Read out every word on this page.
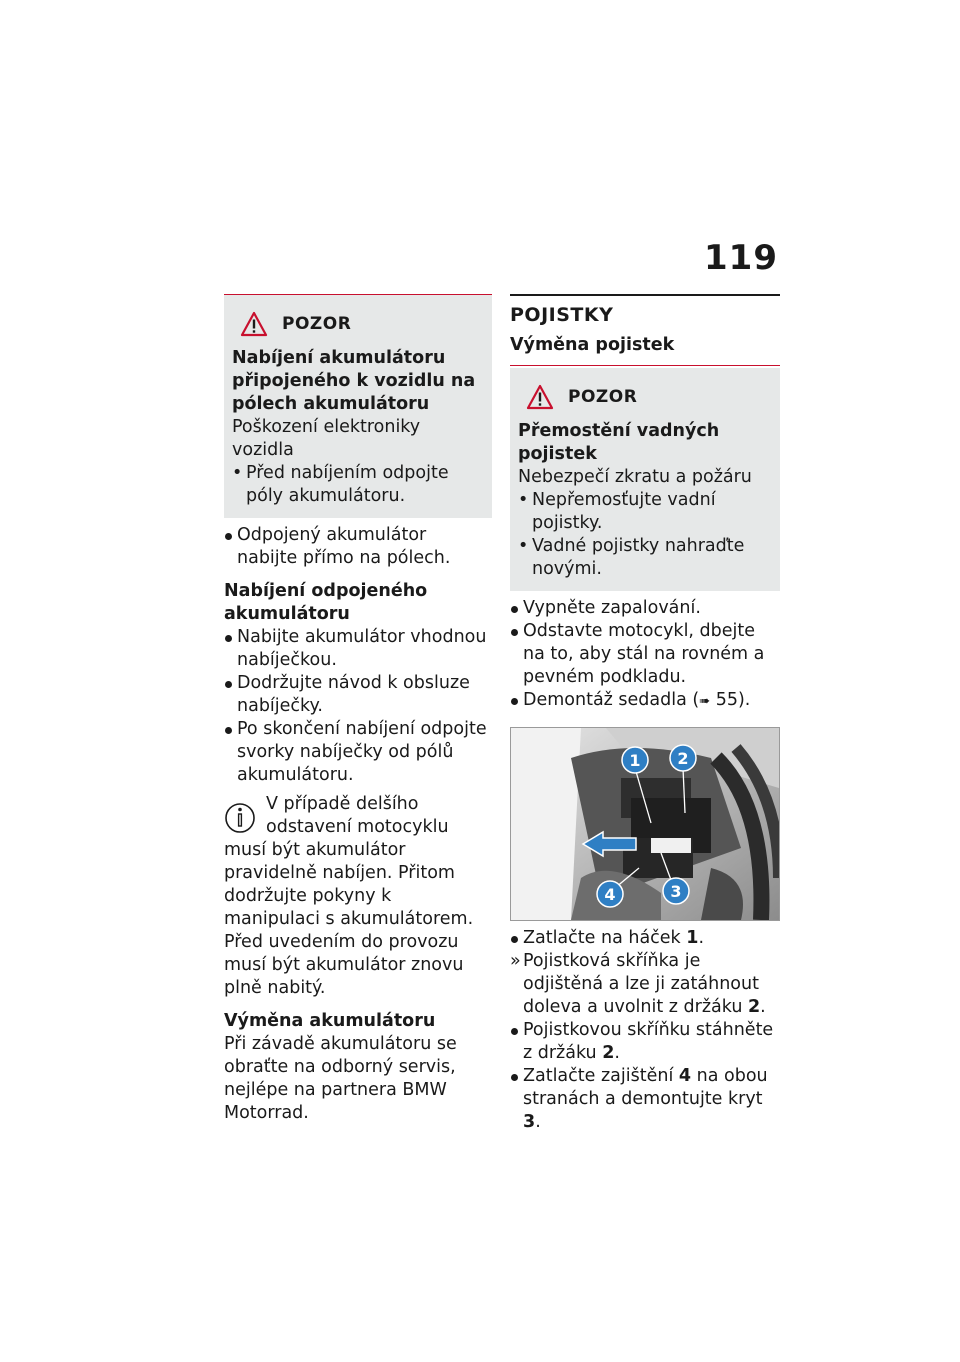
119
POZOR
Nabíjení akumulátoru připojeného k vozidlu na pólech akumulátoru
Poškození elektroniky vozidla
• Před nabíjením odpojte póly akumulátoru.
Odpojený akumulátor nabijte přímo na pólech.
Nabíjení odpojeného akumulátoru
Nabijte akumulátor vhodnou nabíječkou.
Dodržujte návod k obsluze nabíječky.
Po skončení nabíjení odpojte svorky nabíječky od pólů akumulátoru.

V případě delšího odstavení motocyklu musí být akumulátor pravidelně nabíjen. Přitom dodržujte pokyny k manipulaci s akumulátorem. Před uvedením do provozu musí být akumulátor znovu plně nabitý.

Výměna akumulátoru

Při závadě akumulátoru se obraťte na odborný servis, nejlépe na partnera BMW Motorrad.

POJISTKY
Výměna pojistek
POZOR
Přemostění vadných pojistek
Nebezpečí zkratu a požáru
• Nepřemosťujte vadní pojistky.
• Vadné pojistky nahraďte novými.
Vypněte zapalování.
Odstavte motocykl, dbejte na to, aby stál na rovném a pevném podkladu.
Demontáž sedadla (➠ 55).
1 2
3
4
Zatlačte na háček 1.
» Pojistková skříňka je odjištěná a lze ji zatáhnout doleva a uvolnit z držáku 2.
Pojistkovou skříňku stáhněte z držáku 2.
Zatlačte zajištění 4 na obou stranách a demontujte kryt 3.
